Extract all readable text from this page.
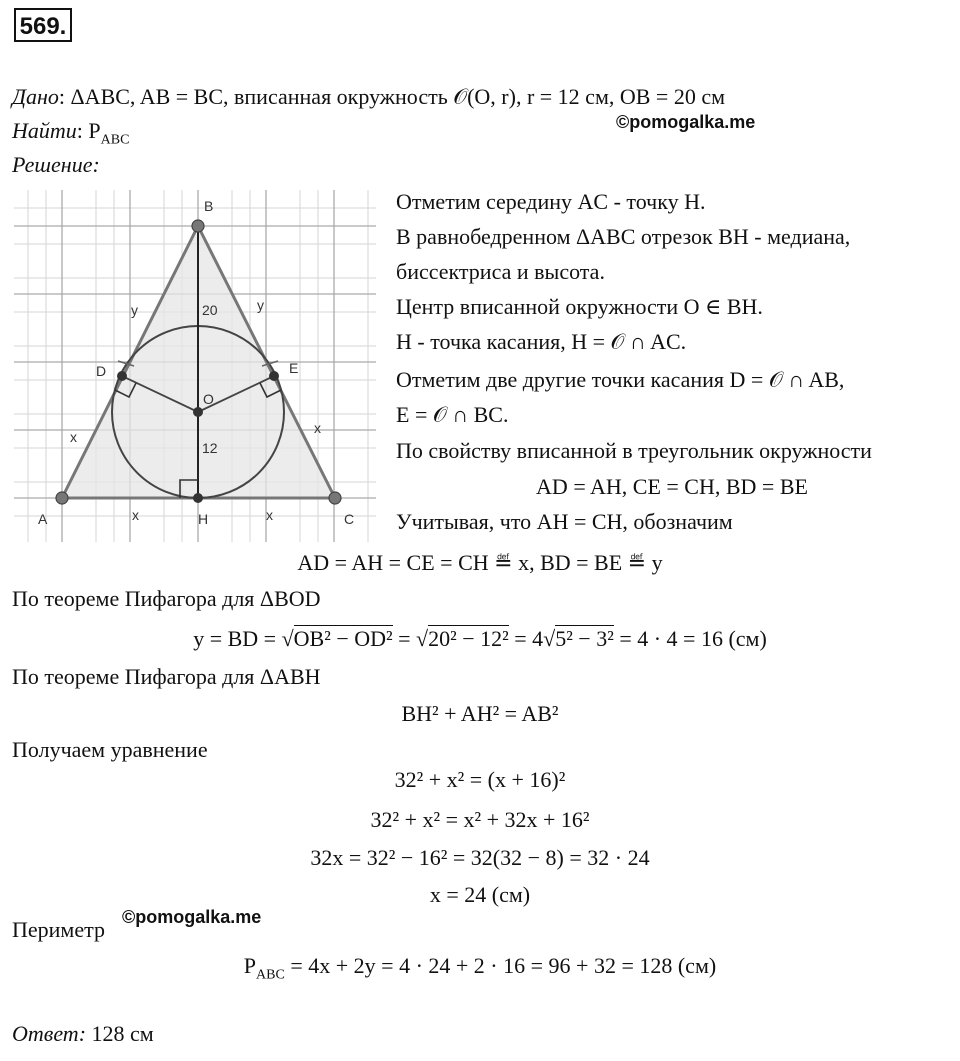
569.
Дано: ΔABC, AB = BC, вписанная окружность 𝒪(O, r), r = 12 см, OB = 20 см
©pomogalka.me
Найти: $P_{ABC}$
Решение:
B
A	C
D	E
O
H
y	y
20
12
x
x	x
x
Отметим середину AC - точку H.
В равнобедренном ΔABC отрезок BH - медиана,
биссектриса и высота.
Центр вписанной окружности O ∈ BH.
H - точка касания, H = 𝒪 ∩ AC.
Отметим две другие точки касания D = 𝒪 ∩ AB,
E = 𝒪 ∩ BC.
По свойству вписанной в треугольник окружности
AD = AH, CE = CH, BD = BE
Учитывая, что AH = CH, обозначим
AD = AH = CE = CH ≝ x, BD = BE ≝ y
По теореме Пифагора для ΔBOD
y = BD = √OB² − OD² = √20² − 12² = 4√5² − 3² = 4 · 4 = 16 (см)
По теореме Пифагора для ΔABH
BH² + AH² = AB²
Получаем уравнение
32² + x² = (x + 16)²
32² + x² = x² + 32x + 16²
32x = 32² − 16² = 32(32 − 8) = 32 · 24
x = 24 (см)
Периметр ©pomogalka.me
$P_{ABC} = 4x + 2y = 4 \cdot 24 + 2 \cdot 16 = 96 + 32 = 128$ (см)
Ответ: 128 см
